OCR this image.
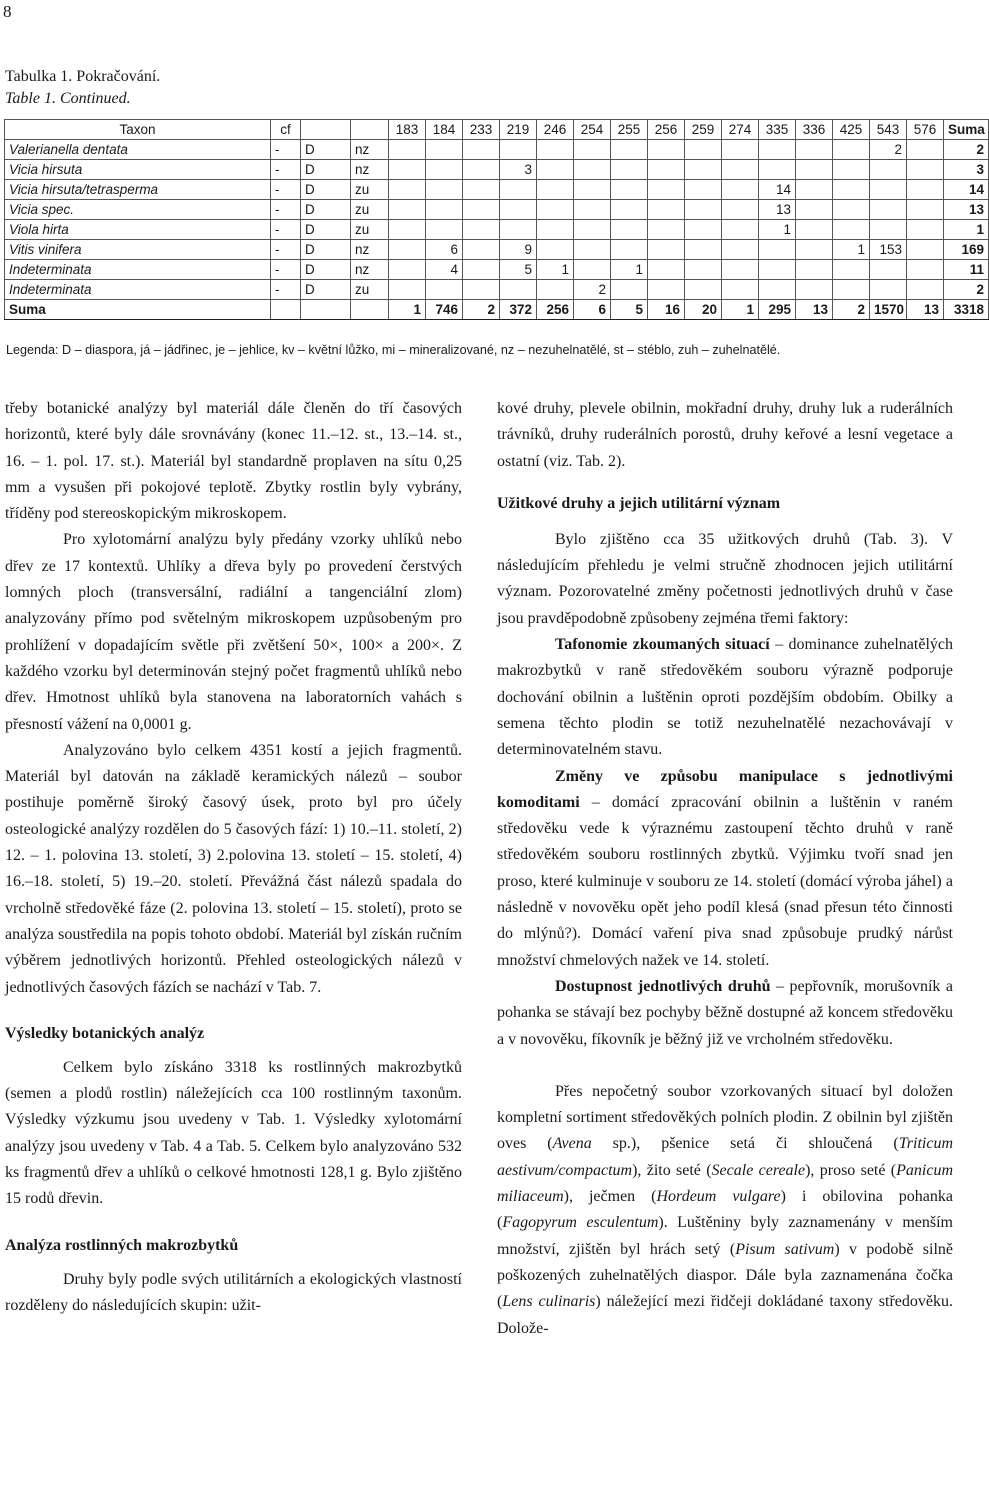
8
Tabulka 1. Pokračování.
Table 1. Continued.
Taxon	cf			183	184	233	219	246	254	255	256	259	274	335	336	425	543	576	Suma
Valerianella dentata	-	D	nz														2		2
Vicia hirsuta	-	D	nz				3												3
Vicia hirsuta/tetrasperma	-	D	zu											14					14
Vicia spec.	-	D	zu											13					13
Viola hirta	-	D	zu											1					1
Vitis vinifera	-	D	nz		6		9									1	153		169
Indeterminata	-	D	nz		4		5	1		1									11
Indeterminata	-	D	zu						2										2
Suma				1	746	2	372	256	6	5	16	20	1	295	13	2	1570	13	3318
Legenda: D – diaspora, já – jádřinec, je – jehlice, kv – květní lůžko, mi – mineralizované, nz – nezuhelnatělé, st – stéblo, zuh – zuhelnatělé.

třeby botanické analýzy byl materiál dále členěn do tří časových horizontů, které byly dále srovnávány (konec 11.–12. st., 13.–14. st., 16. – 1. pol. 17. st.). Materiál byl standardně proplaven na sítu 0,25 mm a vysušen při pokojové teplotě. Zbytky rostlin byly vybrány, tříděny pod stereoskopickým mikroskopem.

Pro xylotomární analýzu byly předány vzorky uhlíků nebo dřev ze 17 kontextů. Uhlíky a dřeva byly po provedení čerstvých lomných ploch (transversální, radiální a tangenciální zlom) analyzovány přímo pod světelným mikroskopem uzpůsobeným pro prohlížení v dopadajícím světle při zvětšení 50×, 100× a 200×. Z každého vzorku byl determinován stejný počet fragmentů uhlíků nebo dřev. Hmotnost uhlíků byla stanovena na laboratorních vahách s přesností vážení na 0,0001 g.

Analyzováno bylo celkem 4351 kostí a jejich fragmentů. Materiál byl datován na základě keramických nálezů – soubor postihuje poměrně široký časový úsek, proto byl pro účely osteologické analýzy rozdělen do 5 časových fází: 1) 10.–11. století, 2) 12. – 1. polovina 13. století, 3) 2.polovina 13. století – 15. století, 4) 16.–18. století, 5) 19.–20. století. Převážná část nálezů spadala do vrcholně středověké fáze (2. polovina 13. století – 15. století), proto se analýza soustředila na popis tohoto období. Materiál byl získán ručním výběrem jednotlivých horizontů. Přehled osteologických nálezů v jednotlivých časových fázích se nachází v Tab. 7.

Výsledky botanických analýz

Celkem bylo získáno 3318 ks rostlinných makrozbytků (semen a plodů rostlin) náležejících cca 100 rostlinným taxonům. Výsledky výzkumu jsou uvedeny v Tab. 1. Výsledky xylotomární analýzy jsou uvedeny v Tab. 4 a Tab. 5. Celkem bylo analyzováno 532 ks fragmentů dřev a uhlíků o celkové hmotnosti 128,1 g. Bylo zjištěno 15 rodů dřevin.

Analýza rostlinných makrozbytků

Druhy byly podle svých utilitárních a ekologických vlastností rozděleny do následujících skupin: užit-

kové druhy, plevele obilnin, mokřadní druhy, druhy luk a ruderálních trávníků, druhy ruderálních porostů, druhy keřové a lesní vegetace a ostatní (viz. Tab. 2).

Užitkové druhy a jejich utilitární význam

Bylo zjištěno cca 35 užitkových druhů (Tab. 3). V následujícím přehledu je velmi stručně zhodnocen jejich utilitární význam. Pozorovatelné změny početnosti jednotlivých druhů v čase jsou pravděpodobně způsobeny zejména třemi faktory:

Tafonomie zkoumaných situací – dominance zuhelnatělých makrozbytků v raně středověkém souboru výrazně podporuje dochování obilnin a luštěnin oproti pozdějším obdobím. Obilky a semena těchto plodin se totiž nezuhelnatělé nezachovávají v determinovatelném stavu.

Změny ve způsobu manipulace s jednotlivými komoditami – domácí zpracování obilnin a luštěnin v raném středověku vede k výraznému zastoupení těchto druhů v raně středověkém souboru rostlinných zbytků. Výjimku tvoří snad jen proso, které kulminuje v souboru ze 14. století (domácí výroba jáhel) a následně v novověku opět jeho podíl klesá (snad přesun této činnosti do mlýnů?). Domácí vaření piva snad způsobuje prudký nárůst množství chmelových nažek ve 14. století.

Dostupnost jednotlivých druhů – pepřovník, morušovník a pohanka se stávají bez pochyby běžně dostupné až koncem středověku a v novověku, fíkovník je běžný již ve vrcholném středověku.

Přes nepočetný soubor vzorkovaných situací byl doložen kompletní sortiment středověkých polních plodin. Z obilnin byl zjištěn oves (Avena sp.), pšenice setá či shloučená (Triticum aestivum/compactum), žito seté (Secale cereale), proso seté (Panicum miliaceum), ječmen (Hordeum vulgare) i obilovina pohanka (Fagopyrum esculentum). Luštěniny byly zaznamenány v menším množství, zjištěn byl hrách setý (Pisum sativum) v podobě silně poškozených zuhelnatělých diaspor. Dále byla zaznamenána čočka (Lens culinaris) náležející mezi řidčeji dokládané taxony středověku. Dolože-
